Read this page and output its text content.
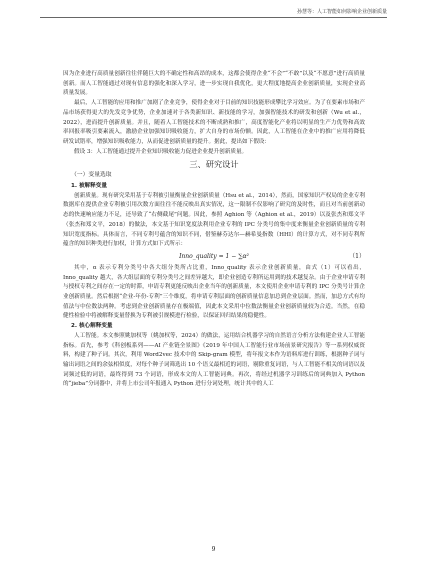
孙慧等：人工智能如何影响企业创新质量

因为企业进行高质量创新往往伴随巨大的不确定性和高昂的成本，这都会使得企业“不会”“不敢”以及“不愿意”进行高质量创新。而人工智能通过对现有信息的强化和深入学习，进一步实现自我优化，更大程度地提高企业创新质量，实现企业高质量发展。

最后，人工智能的应用和推广加剧了企业竞争，使得企业对于目前的知识技能形成攀比学习效应。为了在要素市场和产品市场获得更大的先发竞争优势，企业加速对于各类新知识、新技能的学习，加强智能技术的研发和创新（Wu et al.，2022），进而提升创新质量。并且，随着人工智能技术的不断成熟和推广，高度智能化产业将以明显的生产力优势和高效率回报率吸引要素流入，激励企业加强知识吸收能力，扩大自身的市场份额。因此，人工智能在企业中的推广应用将降低研发试错率，增强知识吸收能力，从而促进创新质量的提升。据此，提出如下假设：

假设 3：人工智能通过提升企业知识吸收能力促进企业提升创新质量。

三、研究设计
（一）变量选取
1. 被解释变量

创新质量。现有研究采用基于专利被引量衡量企业创新质量（Hsu et al.，2014），然而，国家知识产权局的企业专利数据库在提供企业专利被引用次数方面往往不能反映出真实情况，这一限制不仅影响了研究的及时性，而且对当前创新动态的快速响应能力不足，还导致了“右侧截尾”问题。因此，参照 Aghion 等（Aghion et al.，2019）以及张杰和郑文平（张杰和郑文平，2018）的做法，本文基于知识宽度法利用企业专利的 IPC 分类号的集中度来衡量企业创新质量的专利知识宽度指标。具体而言，不同专利号蕴含的知识不同，借鉴赫芬达尔—赫希曼指数（HHI）的计算方式，对不同专利所蕴含的知识种类进行加权，计算方式如下式所示：

Inno_quality = 1 − ∑α²	（1）

其中，α 表示专利分类号中各大组分类所占比重，Inno_quality 表示企业创新质量，由式（1）可以看出，Inno_quality 越大，各大组层面的专利分类号之间差异越大，即企业创造专利所运用到的技术越复杂。由于企业申请专利与授权专利之间存在一定的时滞，申请专利更能反映出企业当年的创新质量，本文使用企业申请专利的 IPC 分类号计算企业创新质量。然后根据“企业-年份-专利”三个维度，将申请专利层面的创新质量信息加总到企业层面。然而，加总方式有均值法与中位数法两种。考虑到企业创新质量存在极端值，因此本文采用中位数法衡量企业创新质量较为合适。当然，在稳健性检验中将被解释变量替换为专利被引规模进行检验，以保证回归结果的稳健性。

2. 核心解释变量

人工智能。本文参照姚加权等（姚加权等，2024）的做法，运用结合机器学习的自然语言分析方法构建企业人工智能指标。首先，参考《科创板系列——AI 产业链全景图》《2019 年中国人工智能行业市场前景研究报告》等一系列权威资料，构建了种子词。其次，利用 Word2vec 技术中的 Skip-gram 模型，将年报文本作为语料库进行训练，根据种子词与输出词语之间的余弦相似度，对每个种子词筛选出 10 个语义最相近的词语，剔除重复词语，与人工智能不相关的词语以及词频过低的词语，最终得到 73 个词语，形成本文的人工智能词典。再次，将经过机器学习训练后的词典加入 Python 的“jieba”分词器中，并将上市公司年报通入 Python 进行分词处理，统计其中的人工

9
